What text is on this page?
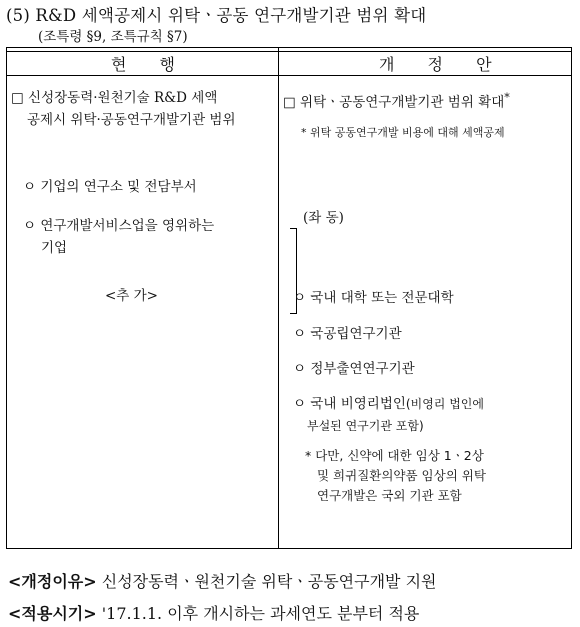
(5) R&D 세액공제시 위탁ㆍ공동 연구개발기관 범위 확대
(조특령 §9, 조특규칙 §7)
현 행	개 정 안
□ 신성장동력·원천기술 R&D 세액
공제시 위탁·공동연구개발기관 범위
ㅇ 기업의 연구소 및 전담부서
ㅇ 연구개발서비스업을 영위하는
기업
<추 가>
□ 위탁ㆍ공동연구개발기관 범위 확대*
* 위탁 공동연구개발 비용에 대해 세액공제
(좌 동)
ㅇ 국내 대학 또는 전문대학
ㅇ 국공립연구기관
ㅇ 정부출연연구기관
ㅇ 국내 비영리법인(비영리 법인에
부설된 연구기관 포함)
* 다만, 신약에 대한 임상 1ㆍ2상
및 희귀질환의약품 임상의 위탁
연구개발은 국외 기관 포함
<개정이유> 신성장동력ㆍ원천기술 위탁ㆍ공동연구개발 지원
<적용시기> '17.1.1. 이후 개시하는 과세연도 분부터 적용
